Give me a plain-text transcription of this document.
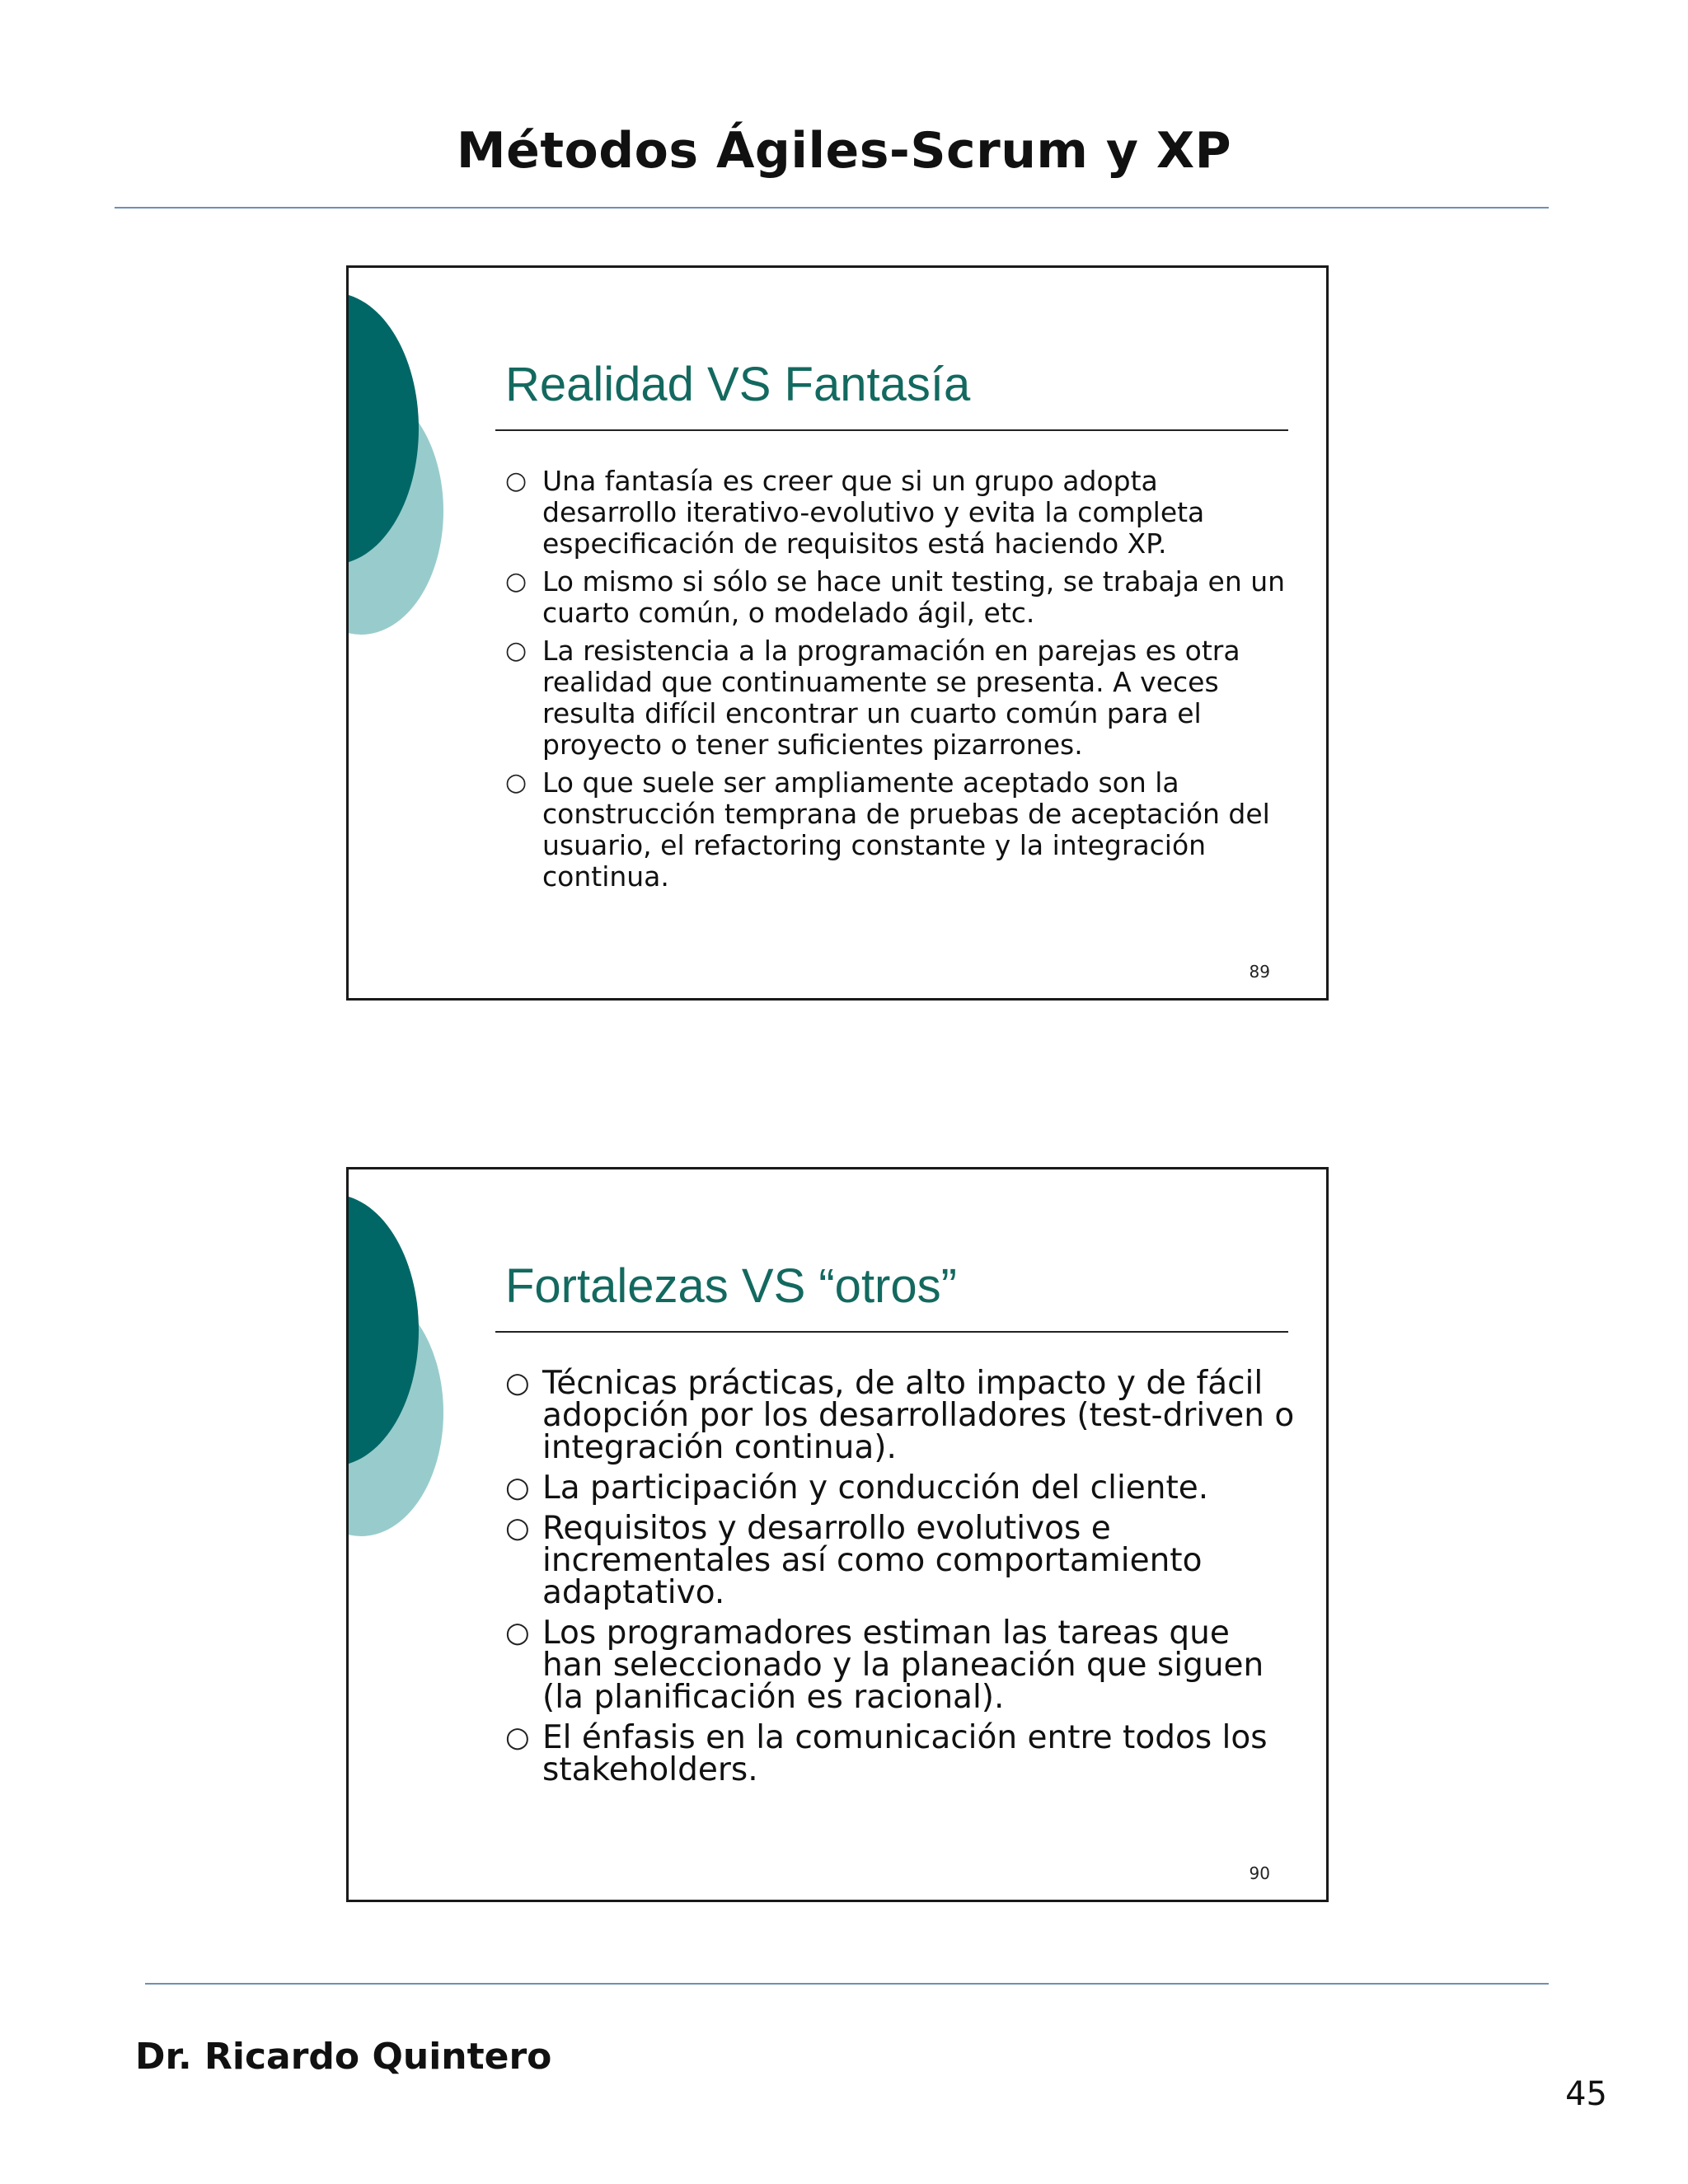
Métodos Ágiles-Scrum y XP
Realidad VS Fantasía
○ Una fantasía es creer que si un grupo adopta desarrollo iterativo-evolutivo y evita la completa especificación de requisitos está haciendo XP.
○ Lo mismo si sólo se hace unit testing, se trabaja en un cuarto común, o modelado ágil, etc.
○ La resistencia a la programación en parejas es otra realidad que continuamente se presenta. A veces resulta difícil encontrar un cuarto común para el proyecto o tener suficientes pizarrones.
○ Lo que suele ser ampliamente aceptado son la construcción temprana de pruebas de aceptación del usuario, el refactoring constante y la integración continua.
89
Fortalezas VS “otros”
○ Técnicas prácticas, de alto impacto y de fácil adopción por los desarrolladores (test-driven o integración continua).
○ La participación y conducción del cliente.
○ Requisitos y desarrollo evolutivos e incrementales así como comportamiento adaptativo.
○ Los programadores estiman las tareas que han seleccionado y la planeación que siguen (la planificación es racional).
○ El énfasis en la comunicación entre todos los stakeholders.
90
Dr. Ricardo Quintero
45
